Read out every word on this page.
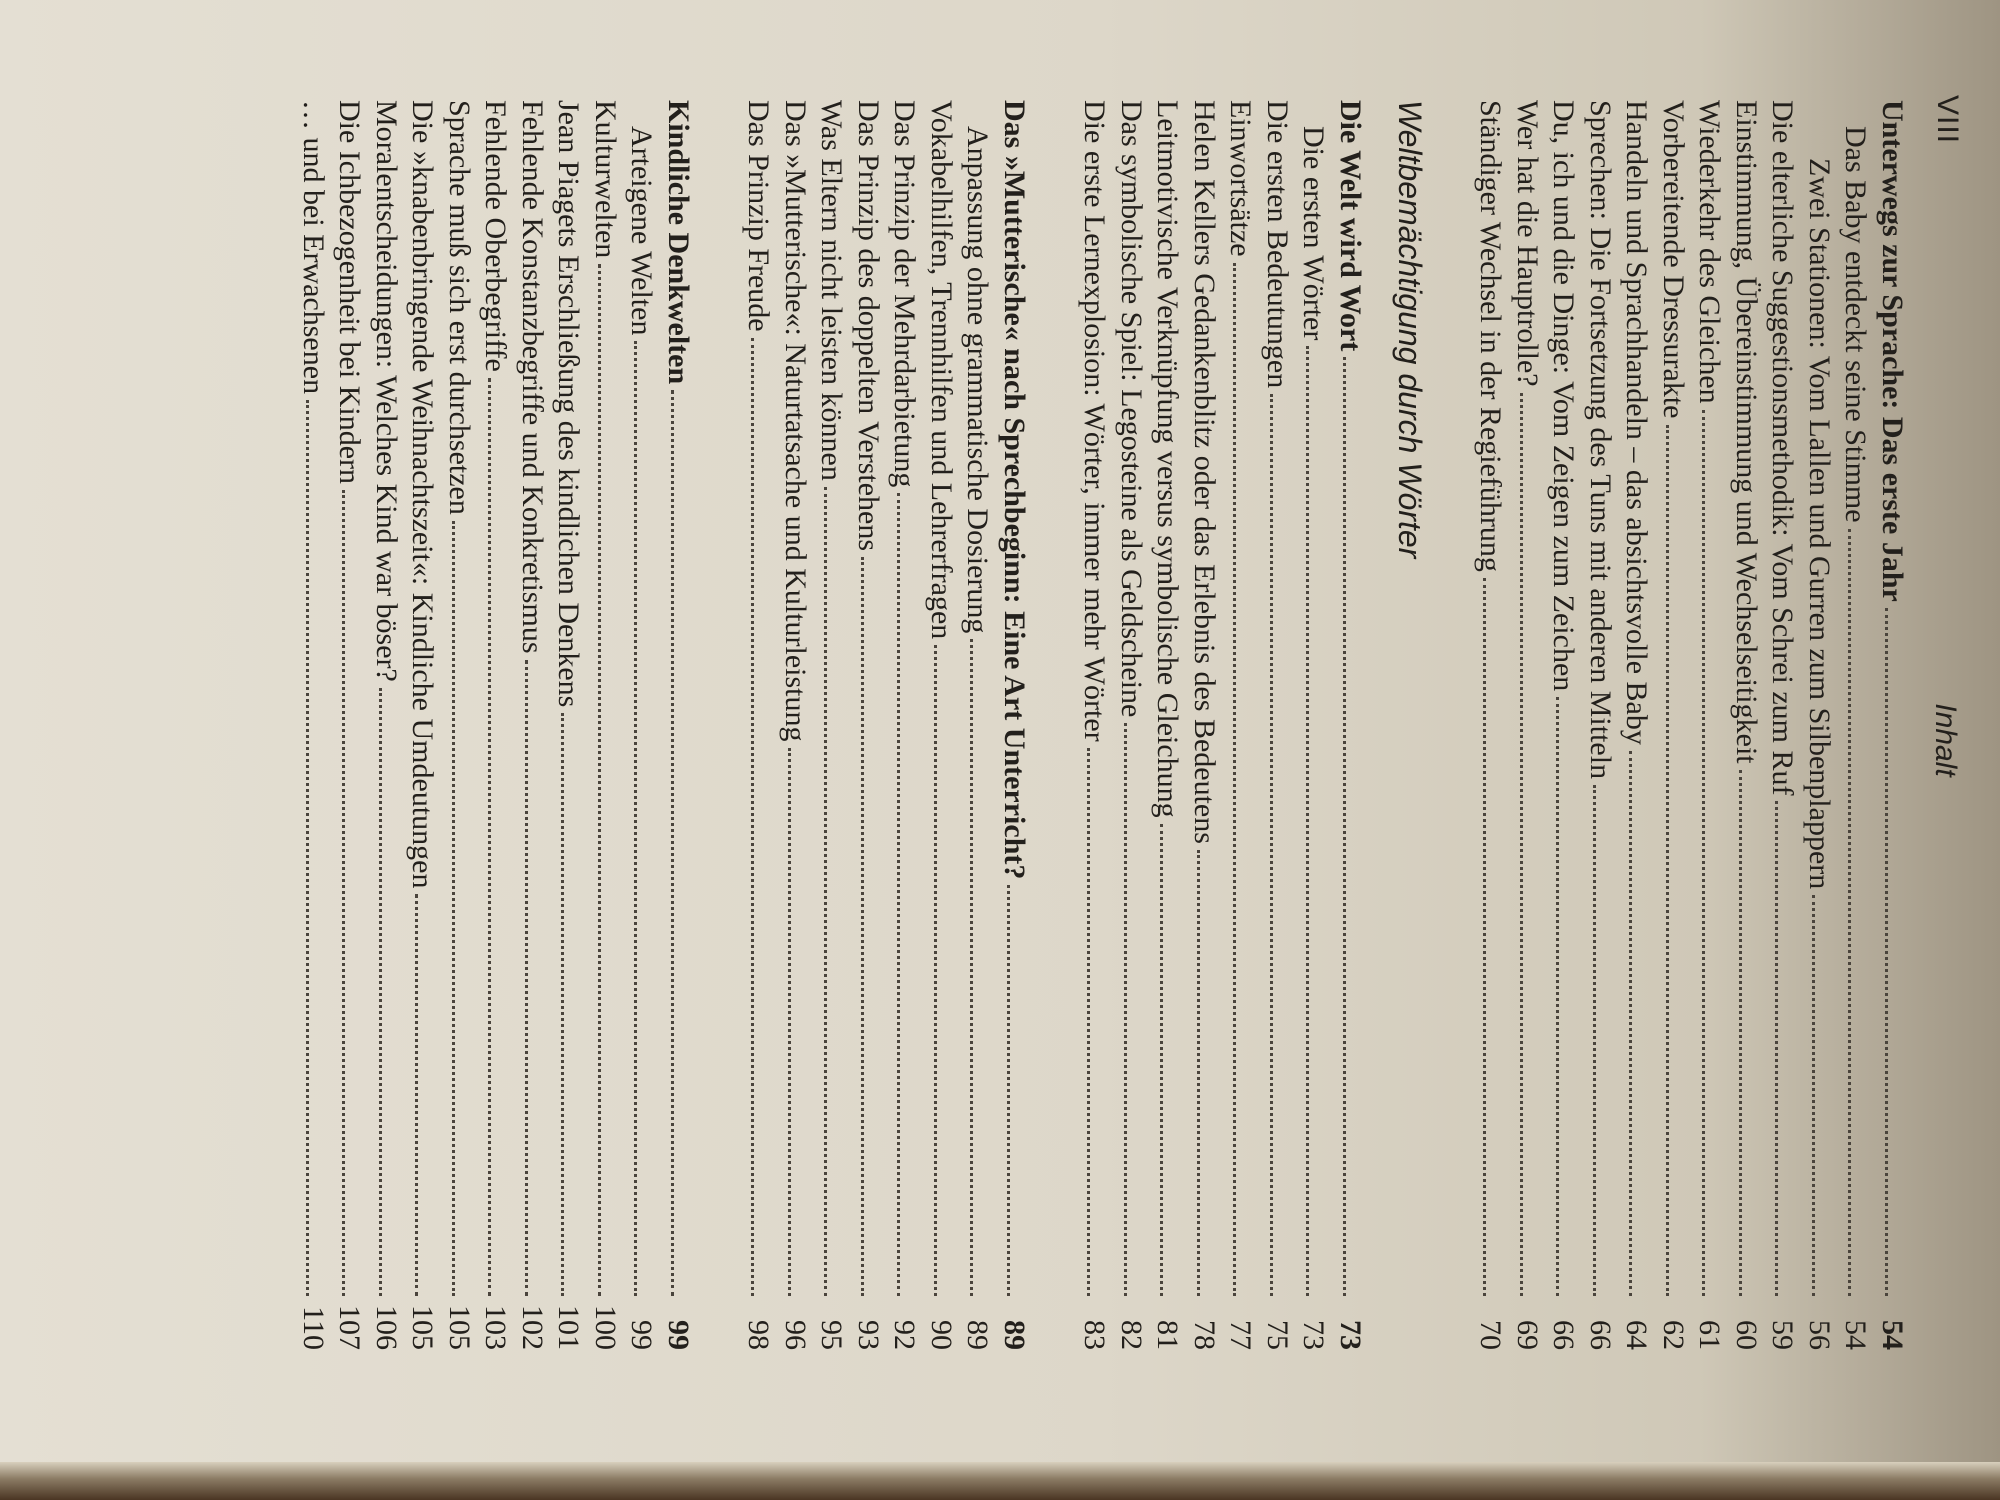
VIII
Inhalt
Unterwegs zur Sprache: Das erste Jahr
54
Das Baby entdeckt seine Stimme
54
Zwei Stationen: Vom Lallen und Gurren zum Silbenplappern
56
Die elterliche Suggestionsmethodik: Vom Schrei zum Ruf
59
Einstimmung, Übereinstimmung und Wechselseitigkeit
60
Wiederkehr des Gleichen
61
Vorbereitende Dressurakte
62
Handeln und Sprachhandeln – das absichtsvolle Baby
64
Sprechen: Die Fortsetzung des Tuns mit anderen Mitteln
66
Du, ich und die Dinge: Vom Zeigen zum Zeichen
66
Wer hat die Hauptrolle?
69
Ständiger Wechsel in der Regieführung
70
Weltbemächtigung durch Wörter
Die Welt wird Wort
73
Die ersten Wörter
73
Die ersten Bedeutungen
75
Einwortsätze
77
Helen Kellers Gedankenblitz oder das Erlebnis des Bedeutens
78
Leitmotivische Verknüpfung versus symbolische Gleichung
81
Das symbolische Spiel: Legosteine als Geldscheine
82
Die erste Lernexplosion: Wörter, immer mehr Wörter
83
Das »Mutterische« nach Sprechbeginn: Eine Art Unterricht?
89
Anpassung ohne grammatische Dosierung
89
Vokabelhilfen, Trennhilfen und Lehrerfragen
90
Das Prinzip der Mehrdarbietung
92
Das Prinzip des doppelten Verstehens
93
Was Eltern nicht leisten können
95
Das »Mutterische«: Naturtatsache und Kulturleistung
96
Das Prinzip Freude
98
Kindliche Denkwelten
99
Arteigene Welten
99
Kulturwelten
100
Jean Piagets Erschließung des kindlichen Denkens
101
Fehlende Konstanzbegriffe und Konkretismus
102
Fehlende Oberbegriffe
103
Sprache muß sich erst durchsetzen
105
Die »knabenbringende Weihnachtszeit«: Kindliche Umdeutungen
105
Moralentscheidungen: Welches Kind war böser?
106
Die Ichbezogenheit bei Kindern
107
… und bei Erwachsenen
110
